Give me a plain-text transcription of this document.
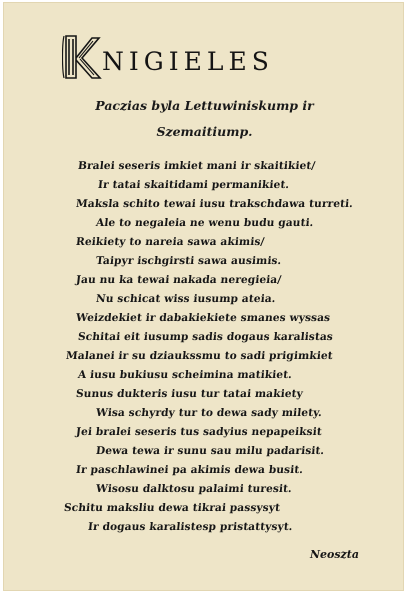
NIGIELES
Paczias byla Lettuwiniskump ir
Szemaitiump.
Bralei seseris imkiet mani ir skaitikiet/
Ir tatai skaitidami permanikiet.
Maksla schito tewai iusu trakschdawa turreti.
Ale to negaleia ne wenu budu gauti.
Reikiety to nareia sawa akimis/
Taipyr ischgirsti sawa ausimis.
Jau nu ka tewai nakada neregieia/
Nu schicat wiss iusump ateia.
Weizdekiet ir dabakiekiete smanes wyssas
Schitai eit iusump sadis dogaus karalistas
Malanei ir su dziaukssmu to sadi prigimkiet
A iusu bukiusu scheimina matikiet.
Sunus dukteris iusu tur tatai makiety
Wisa schyrdy tur to dewa sady milety.
Jei bralei seseris tus sadyius nepapeiksit
Dewa tewa ir sunu sau milu padarisit.
Ir paschlawinei pa akimis dewa busit.
Wisosu dalktosu palaimi turesit.
Schitu maksliu dewa tikrai passysyt
Ir dogaus karalistesp pristattysyt.
Neoszta
